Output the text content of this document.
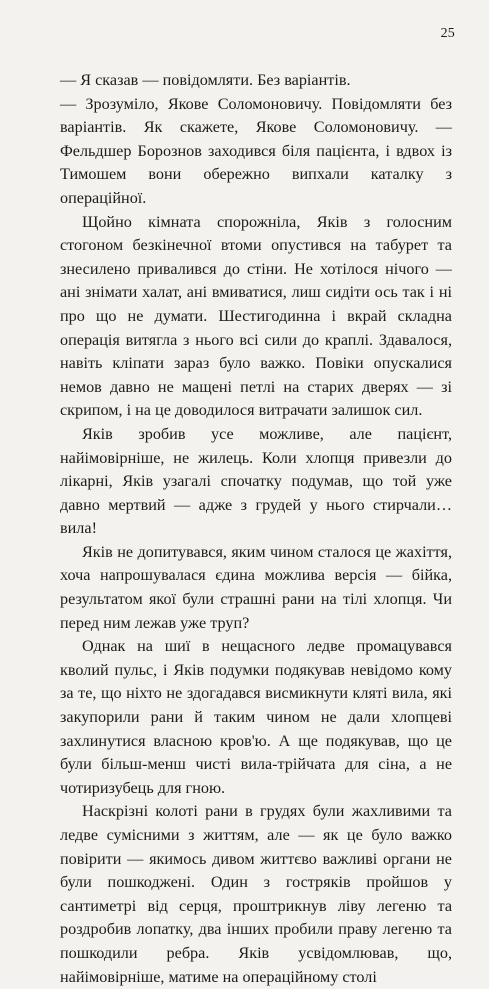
25

— Я сказав — повідомляти. Без варіантів.

— Зрозуміло, Якове Соломоновичу. Повідомляти без варіантів. Як скажете, Якове Соломоновичу. — Фельдшер Борознов заходився біля пацієнта, і вдвох із Тимошем вони обережно випхали каталку з операційної.

Щойно кімната спорожніла, Яків з голосним стогоном безкінечної втоми опустився на табурет та знесилено привалився до стіни. Не хотілося нічого — ані знімати халат, ані вмиватися, лиш сидіти ось так і ні про що не думати. Шестигодинна і вкрай складна операція витягла з нього всі сили до краплі. Здавалося, навіть кліпати зараз було важко. Повіки опускалися немов давно не мащені петлі на старих дверях — зі скрипом, і на це доводилося витрачати залишок сил.

Яків зробив усе можливе, але пацієнт, найімовірніше, не жилець. Коли хлопця привезли до лікарні, Яків узагалі спочатку подумав, що той уже давно мертвий — адже з грудей у нього стирчали… вила!

Яків не допитувався, яким чином сталося це жахіття, хоча напрошувалася єдина можлива версія — бійка, результатом якої були страшні рани на тілі хлопця. Чи перед ним лежав уже труп?

Однак на шиї в нещасного ледве промацувався кволий пульс, і Яків подумки подякував невідомо кому за те, що ніхто не здогадався висмикнути кляті вила, які закупорили рани й таким чином не дали хлопцеві захлинутися власною кров'ю. А ще подякував, що це були більш-менш чисті вила-трійчата для сіна, а не чотиризубець для гною.

Наскрізні колоті рани в грудях були жахливими та ледве сумісними з життям, але — як це було важко повірити — якимось дивом життєво важливі органи не були пошкоджені. Один з гостряків пройшов у сантиметрі від серця, проштрикнув ліву легеню та роздробив лопатку, два інших пробили праву легеню та пошкодили ребра. Яків усвідомлював, що, найімовірніше, матиме на операційному столі
